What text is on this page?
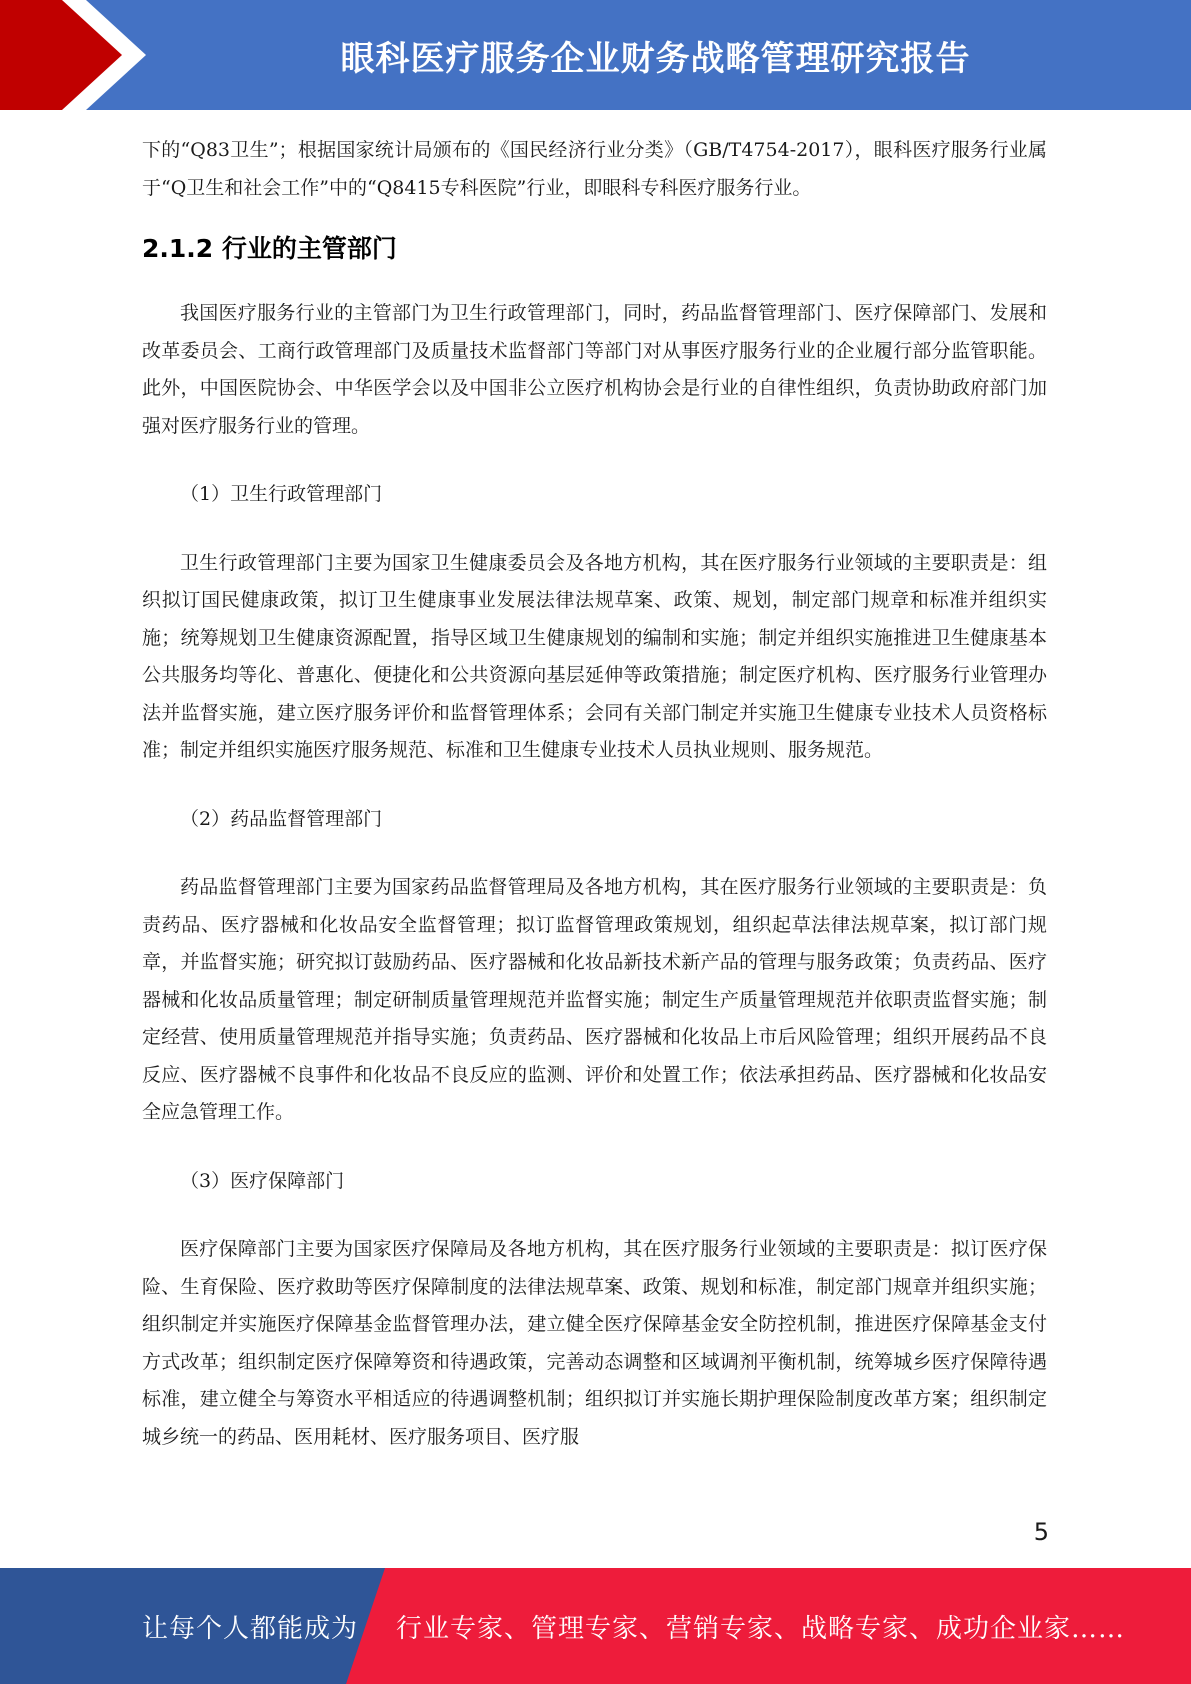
眼科医疗服务企业财务战略管理研究报告

下的“Q83卫生”；根据国家统计局颁布的《国民经济行业分类》（GB/T4754-2017），眼科医疗服务行业属于“Q卫生和社会工作”中的“Q8415专科医院”行业，即眼科专科医疗服务行业。

2.1.2 行业的主管部门

我国医疗服务行业的主管部门为卫生行政管理部门，同时，药品监督管理部门、医疗保障部门、发展和改革委员会、工商行政管理部门及质量技术监督部门等部门对从事医疗服务行业的企业履行部分监管职能。此外，中国医院协会、中华医学会以及中国非公立医疗机构协会是行业的自律性组织，负责协助政府部门加强对医疗服务行业的管理。

（1）卫生行政管理部门

卫生行政管理部门主要为国家卫生健康委员会及各地方机构，其在医疗服务行业领域的主要职责是：组织拟订国民健康政策，拟订卫生健康事业发展法律法规草案、政策、规划，制定部门规章和标准并组织实施；统筹规划卫生健康资源配置，指导区域卫生健康规划的编制和实施；制定并组织实施推进卫生健康基本公共服务均等化、普惠化、便捷化和公共资源向基层延伸等政策措施；制定医疗机构、医疗服务行业管理办法并监督实施，建立医疗服务评价和监督管理体系；会同有关部门制定并实施卫生健康专业技术人员资格标准；制定并组织实施医疗服务规范、标准和卫生健康专业技术人员执业规则、服务规范。

（2）药品监督管理部门

药品监督管理部门主要为国家药品监督管理局及各地方机构，其在医疗服务行业领域的主要职责是：负责药品、医疗器械和化妆品安全监督管理；拟订监督管理政策规划，组织起草法律法规草案，拟订部门规章，并监督实施；研究拟订鼓励药品、医疗器械和化妆品新技术新产品的管理与服务政策；负责药品、医疗器械和化妆品质量管理；制定研制质量管理规范并监督实施；制定生产质量管理规范并依职责监督实施；制定经营、使用质量管理规范并指导实施；负责药品、医疗器械和化妆品上市后风险管理；组织开展药品不良反应、医疗器械不良事件和化妆品不良反应的监测、评价和处置工作；依法承担药品、医疗器械和化妆品安全应急管理工作。

（3）医疗保障部门

医疗保障部门主要为国家医疗保障局及各地方机构，其在医疗服务行业领域的主要职责是：拟订医疗保险、生育保险、医疗救助等医疗保障制度的法律法规草案、政策、规划和标准，制定部门规章并组织实施；组织制定并实施医疗保障基金监督管理办法，建立健全医疗保障基金安全防控机制，推进医疗保障基金支付方式改革；组织制定医疗保障筹资和待遇政策，完善动态调整和区域调剂平衡机制，统筹城乡医疗保障待遇标准，建立健全与筹资水平相适应的待遇调整机制；组织拟订并实施长期护理保险制度改革方案；组织制定城乡统一的药品、医用耗材、医疗服务项目、医疗服

5
让每个人都能成为 行业专家、管理专家、营销专家、战略专家、成功企业家……
